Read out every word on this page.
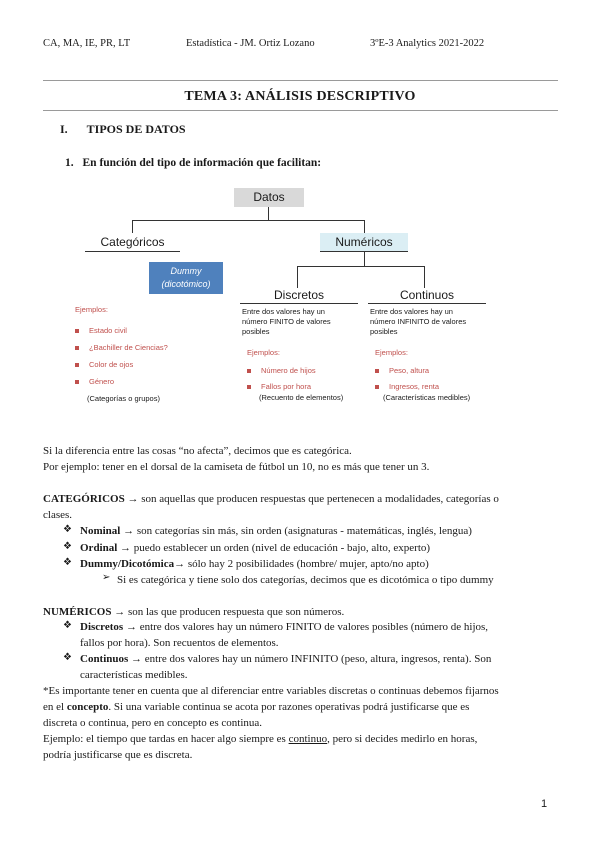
CA, MA, IE, PR, LT	Estadística - JM. Ortiz Lozano	3ºE-3 Analytics 2021-2022
TEMA 3: ANÁLISIS DESCRIPTIVO
I. TIPOS DE DATOS
1. En función del tipo de información que facilitan:
Datos
Categóricos	Numéricos
Dummy
(dicotómico)
Discretos	Continuos
Entre dos valores hay un
número FINITO de valores
posibles
Entre dos valores hay un
número INFINITO de valores
posibles
Ejemplos:
Estado civil
¿Bachiller de Ciencias?
Color de ojos
Género
(Categorías o grupos)
Ejemplos:
Número de hijos
Fallos por hora
(Recuento de elementos)
Ejemplos:
Peso, altura
Ingresos, renta
(Características medibles)
Si la diferencia entre las cosas “no afecta”, decimos que es categórica.
Por ejemplo: tener en el dorsal de la camiseta de fútbol un 10, no es más que tener un 3.
CATEGÓRICOS → son aquellas que producen respuestas que pertenecen a modalidades, categorías o
clases.
❖ Nominal → son categorías sin más, sin orden (asignaturas - matemáticas, inglés, lengua)
❖ Ordinal → puedo establecer un orden (nivel de educación - bajo, alto, experto)
❖ Dummy/Dicotómica→ sólo hay 2 posibilidades (hombre/ mujer, apto/no apto)
➢ Si es categórica y tiene solo dos categorías, decimos que es dicotómica o tipo dummy
NUMÉRICOS → son las que producen respuesta que son números.
❖ Discretos → entre dos valores hay un número FINITO de valores posibles (número de hijos,
fallos por hora). Son recuentos de elementos.
❖ Continuos → entre dos valores hay un número INFINITO (peso, altura, ingresos, renta). Son
características medibles.
*Es importante tener en cuenta que al diferenciar entre variables discretas o continuas debemos fijarnos
en el concepto. Si una variable continua se acota por razones operativas podrá justificarse que es
discreta o continua, pero en concepto es continua.
Ejemplo: el tiempo que tardas en hacer algo siempre es continuo, pero si decides medirlo en horas,
podría justificarse que es discreta.
1
